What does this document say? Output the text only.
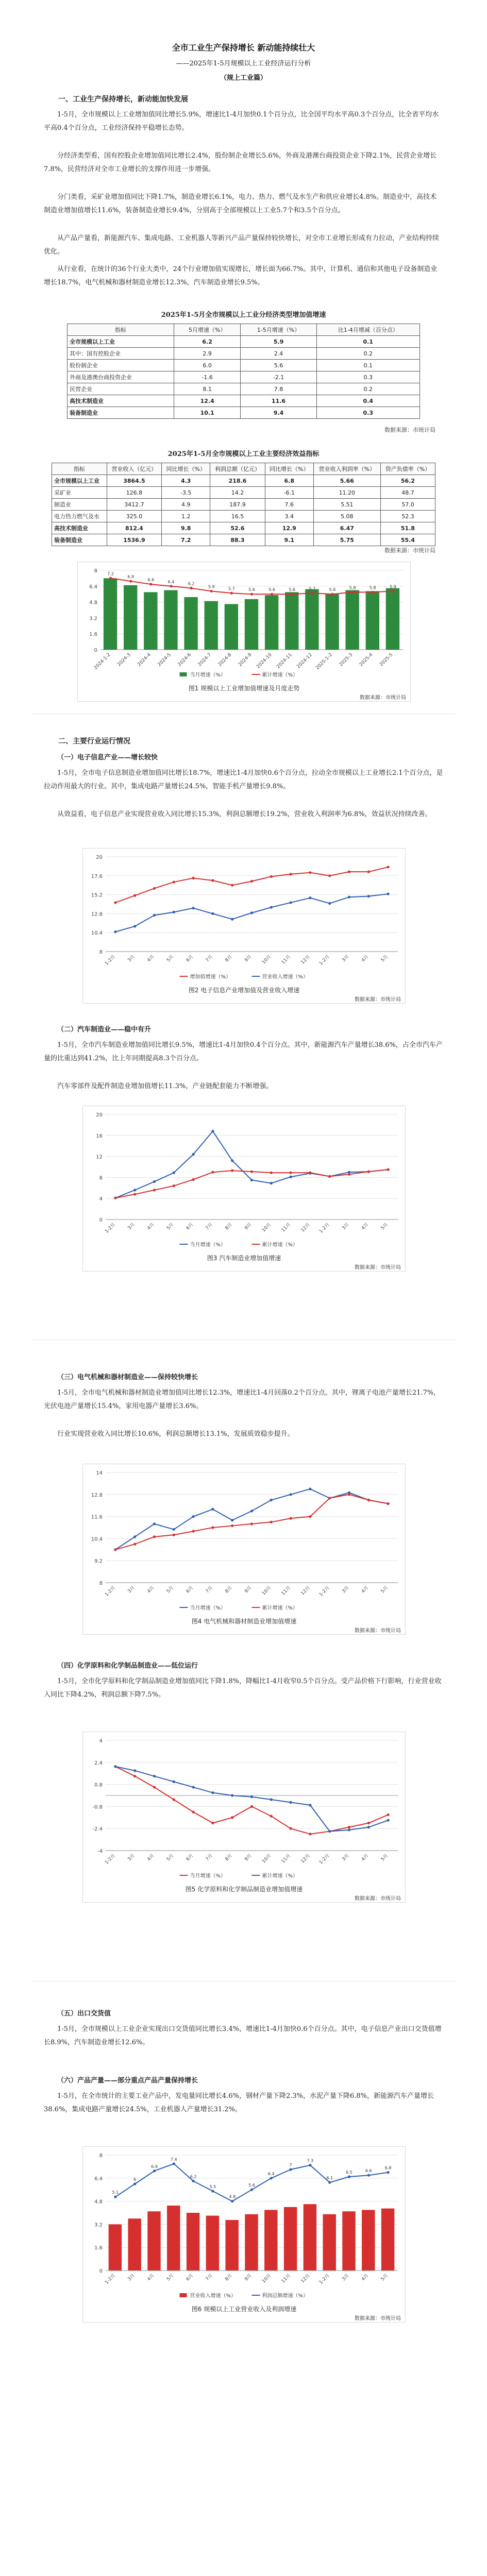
全市工业生产保持增长 新动能持续壮大
——2025年1-5月规模以上工业经济运行分析
（规上工业篇）

一、工业生产保持增长，新动能加快发展

1-5月，全市规模以上工业增加值同比增长5.9%，增速比1-4月加快0.1个百分点，比全国平均水平高0.3个百分点，比全省平均水平高0.4个百分点，工业经济保持平稳增长态势。

分经济类型看，国有控股企业增加值同比增长2.4%，股份制企业增长5.6%，外商及港澳台商投资企业下降2.1%，民营企业增长7.8%，民营经济对全市工业增长的支撑作用进一步增强。

分门类看，采矿业增加值同比下降1.7%，制造业增长6.1%，电力、热力、燃气及水生产和供应业增长4.8%。制造业中，高技术制造业增加值增长11.6%，装备制造业增长9.4%，分别高于全部规模以上工业5.7个和3.5个百分点。

从产品产量看，新能源汽车、集成电路、工业机器人等新兴产品产量保持较快增长，对全市工业增长形成有力拉动，产业结构持续优化。

从行业看，在统计的36个行业大类中，24个行业增加值实现增长，增长面为66.7%。其中，计算机、通信和其他电子设备制造业增长18.7%，电气机械和器材制造业增长12.3%，汽车制造业增长9.5%。

2025年1-5月全市规模以上工业分经济类型增加值增速
指标	5月增速（%）	1-5月增速（%）	比1-4月增减（百分点）
全市规模以上工业	6.2	5.9	0.1
其中：国有控股企业	2.9	2.4	0.2
股份制企业	6.0	5.6	0.1
外商及港澳台商投资企业	-1.6	-2.1	0.3
民营企业	8.1	7.8	0.2
高技术制造业	12.4	11.6	0.4
装备制造业	10.1	9.4	0.3
数据来源：市统计局
2025年1-5月全市规模以上工业主要经济效益指标
指标	营业收入（亿元）	同比增长（%）	利润总额（亿元）	同比增长（%）	营业收入利润率（%）	资产负债率（%）
全市规模以上工业	3864.5	4.3	218.6	6.8	5.66	56.2
采矿业	126.8	-3.5	14.2	-6.1	11.20	48.7
制造业	3412.7	4.9	187.9	7.6	5.51	57.0
电力热力燃气及水	325.0	1.2	16.5	3.4	5.08	52.3
高技术制造业	812.4	9.8	52.6	12.9	6.47	51.8
装备制造业	1536.9	7.2	88.3	9.1	5.75	55.4
数据来源：市统计局
0
1.6
3.2
4.8
6.4
8
2024-1-2 2024-3 2024-4 2024-5 2024-6 2024-7 2024-8 2024-9 2024-10 2024-11 2024-12 2025-1-2 2025-3 2025-4 2025-5
7.2
6.9
6.6	6.4	6.2
5.9	5.7	5.6	5.6	5.6	5.7	5.6	5.8	5.8	5.9
当月增速（%）	累计增速（%）
图1 规模以上工业增加值增速及月度走势
数据来源：市统计局

二、主要行业运行情况

（一）电子信息产业——增长较快

1-5月，全市电子信息制造业增加值同比增长18.7%，增速比1-4月加快0.6个百分点，拉动全市规模以上工业增长2.1个百分点，是拉动作用最大的行业。其中，集成电路产量增长24.5%，智能手机产量增长9.8%。

从效益看，电子信息产业实现营业收入同比增长15.3%，利润总额增长19.2%，营业收入利润率为6.8%，效益状况持续改善。

8
10.4
12.8
15.2
17.6
20
1-2月 3月 4月 5月 6月 7月 8月 9月 10月 11月 12月 1-2月 3月 4月 5月
增加值增速（%）	营业收入增速（%）
图2 电子信息产业增加值及营业收入增速
数据来源：市统计局

（二）汽车制造业——稳中有升

1-5月，全市汽车制造业增加值同比增长9.5%，增速比1-4月加快0.4个百分点。其中，新能源汽车产量增长38.6%，占全市汽车产量的比重达到41.2%，比上年同期提高8.3个百分点。

汽车零部件及配件制造业增加值增长11.3%，产业链配套能力不断增强。

0
4
8
12
16
20
1-2月 3月 4月 5月 6月 7月 8月 9月 10月 11月 12月 1-2月 3月 4月 5月
当月增速（%）	累计增速（%）
图3 汽车制造业增加值增速
数据来源：市统计局

（三）电气机械和器材制造业——保持较快增长

1-5月，全市电气机械和器材制造业增加值同比增长12.3%，增速比1-4月回落0.2个百分点。其中，锂离子电池产量增长21.7%，光伏电池产量增长15.4%，家用电器产量增长3.6%。

行业实现营业收入同比增长10.6%，利润总额增长13.1%，发展质效稳步提升。

8
9.2
10.4
11.6
12.8
14
1-2月 3月 4月 5月 6月 7月 8月 9月 10月 11月 12月 1-2月 3月 4月 5月
当月增速（%）	累计增速（%）
图4 电气机械和器材制造业增加值增速
数据来源：市统计局

（四）化学原料和化学制品制造业——低位运行

1-5月，全市化学原料和化学制品制造业增加值同比下降1.8%，降幅比1-4月收窄0.5个百分点。受产品价格下行影响，行业营业收入同比下降4.2%，利润总额下降7.5%。

-4
-2.4
-0.8
0.8
2.4
4
1-2月 3月 4月 5月 6月 7月 8月 9月 10月 11月 12月 1-2月 3月 4月 5月
当月增速（%）	累计增速（%）
图5 化学原料和化学制品制造业增加值增速
数据来源：市统计局

（五）出口交货值

1-5月，全市规模以上工业企业实现出口交货值同比增长3.4%，增速比1-4月加快0.6个百分点。其中，电子信息产业出口交货值增长8.9%，汽车制造业增长12.6%。

（六）产品产量——部分重点产品产量保持增长

1-5月，在全市统计的主要工业产品中，发电量同比增长4.6%，钢材产量下降2.3%，水泥产量下降6.8%，新能源汽车产量增长38.6%，集成电路产量增长24.5%，工业机器人产量增长31.2%。

0
1.6
3.2
4.8
6.4
8
1-2月 3月 4月 5月 6月 7月 8月 9月 10月 11月 12月 1-2月 3月 4月 5月
5.1
6
6.9
7.4
6.2
5.5
4.8
5.6
6.4
7
7.3
6.1
6.5	6.6
6.8
营业收入增速（%）	利润总额增速（%）
图6 规模以上工业营业收入及利润增速
数据来源：市统计局
